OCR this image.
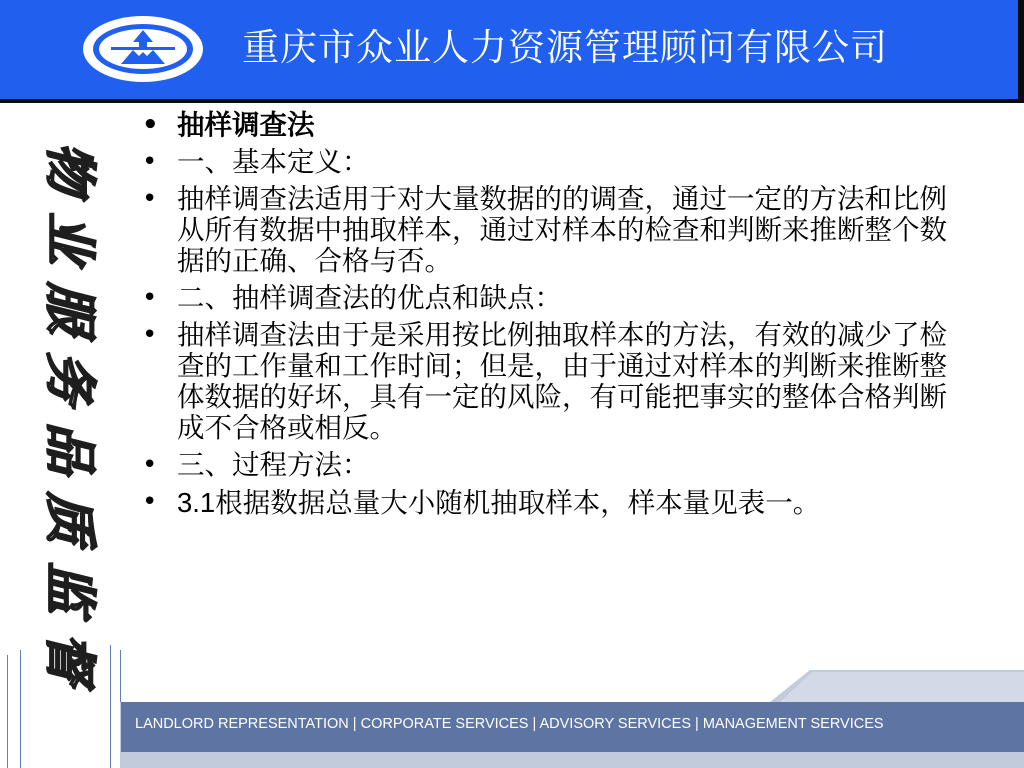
重庆市众业人力资源管理顾问有限公司
物业服务品质监督
• 抽样调查法
• 一、基本定义：
• 抽样调查法适用于对大量数据的的调查，通过一定的方法和比例从所有数据中抽取样本，通过对样本的检查和判断来推断整个数据的正确、合格与否。
• 二、抽样调查法的优点和缺点：
• 抽样调查法由于是采用按比例抽取样本的方法，有效的减少了检查的工作量和工作时间；但是，由于通过对样本的判断来推断整体数据的好坏，具有一定的风险，有可能把事实的整体合格判断成不合格或相反。
• 三、过程方法：
• 3.1根据数据总量大小随机抽取样本，样本量见表一。
LANDLORD REPRESENTATION | CORPORATE SERVICES | ADVISORY SERVICES | MANAGEMENT SERVICES
